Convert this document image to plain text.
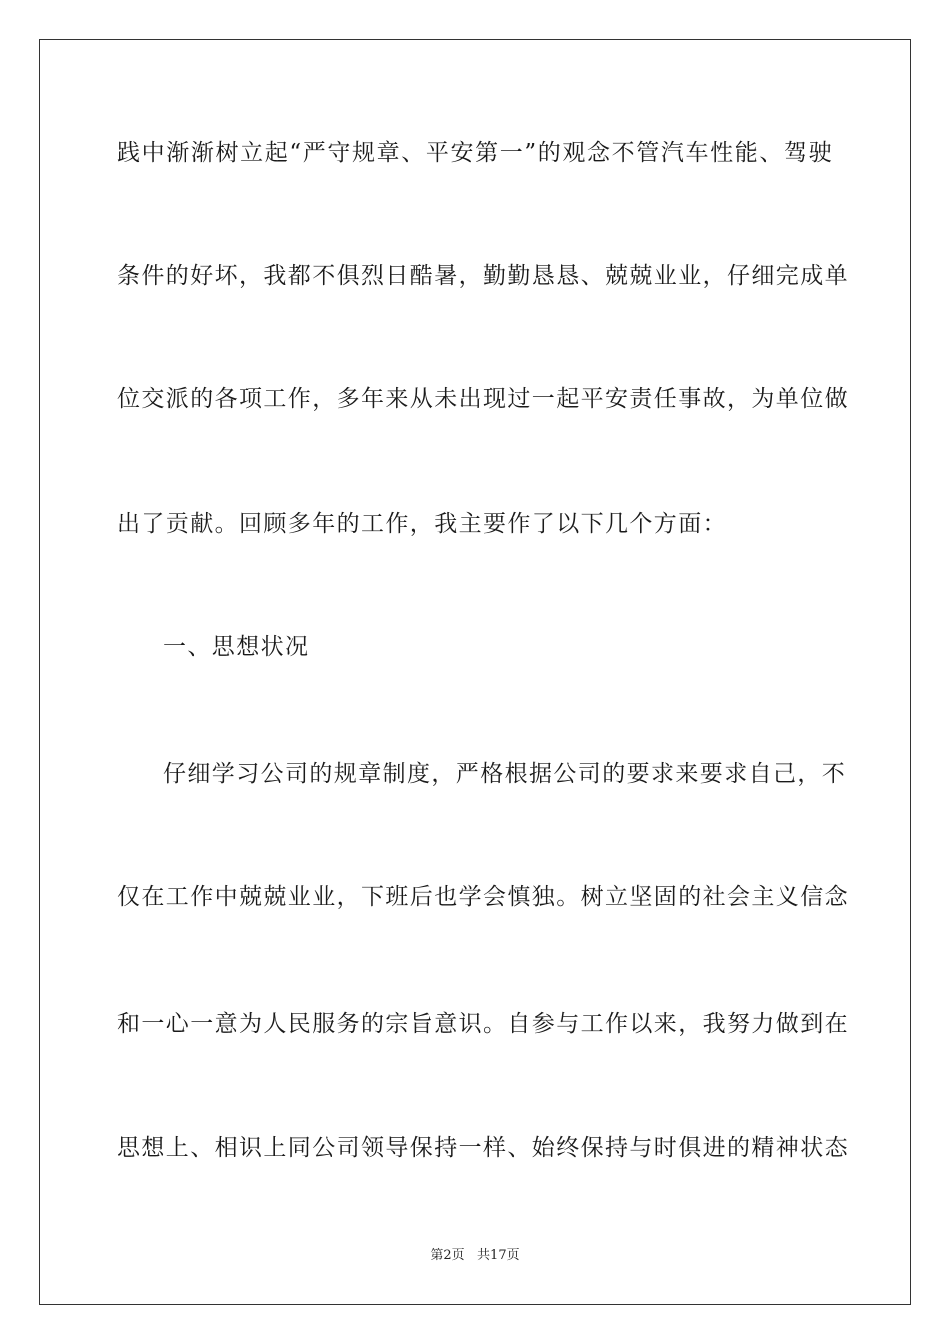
践中渐渐树立起“严守规章、平安第一”的观念不管汽车性能、驾驶
条件的好坏，我都不俱烈日酷暑，勤勤恳恳、兢兢业业，仔细完成单
位交派的各项工作，多年来从未出现过一起平安责任事故，为单位做
出了贡献。回顾多年的工作，我主要作了以下几个方面：
一、思想状况
仔细学习公司的规章制度，严格根据公司的要求来要求自己，不
仅在工作中兢兢业业，下班后也学会慎独。树立坚固的社会主义信念
和一心一意为人民服务的宗旨意识。自参与工作以来，我努力做到在
思想上、相识上同公司领导保持一样、始终保持与时俱进的精神状态
第2页   共17页
